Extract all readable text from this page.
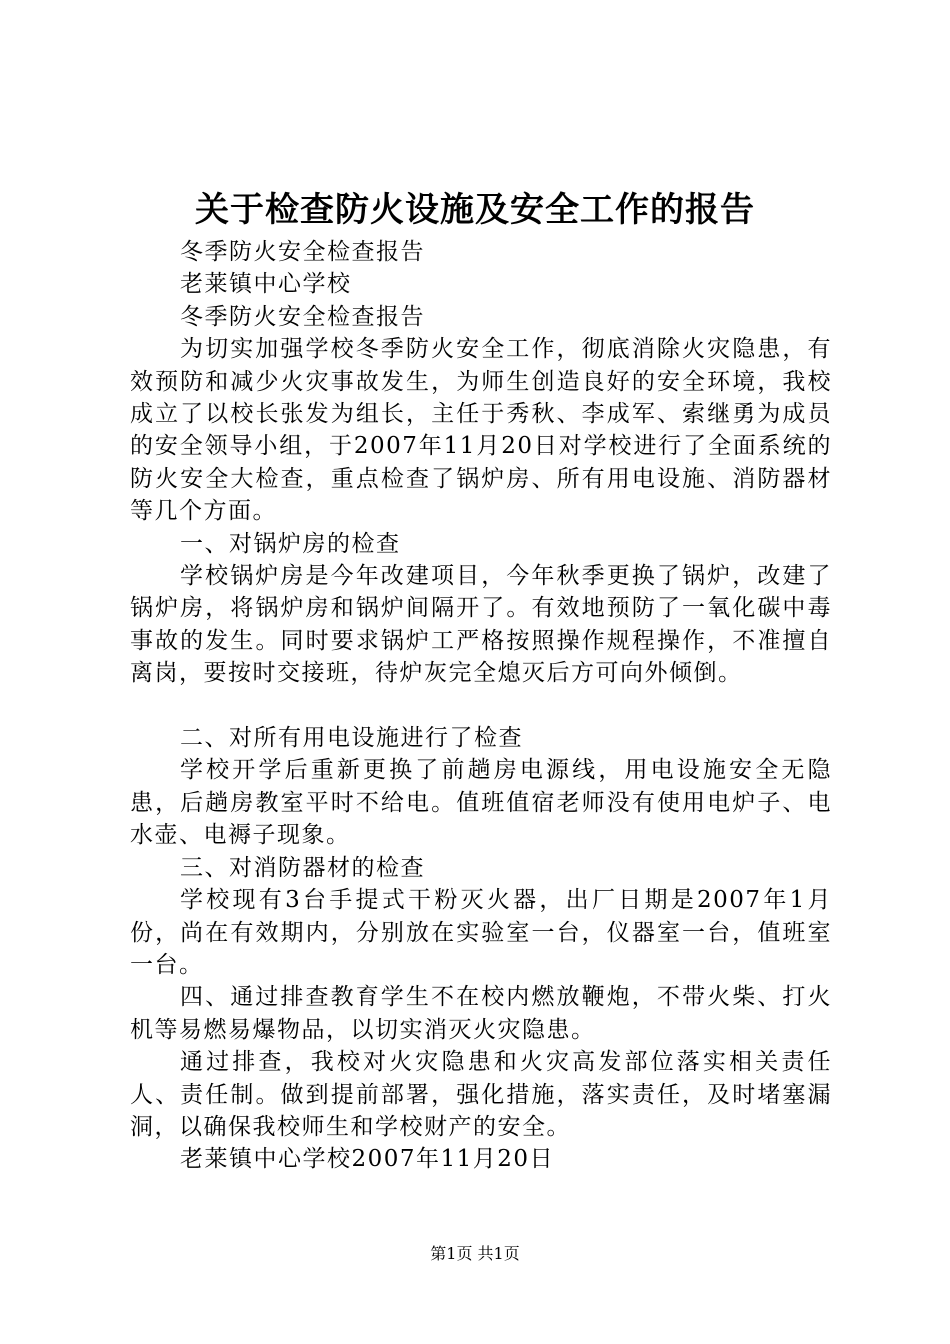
关于检查防火设施及安全工作的报告

冬季防火安全检查报告

老莱镇中心学校

冬季防火安全检查报告

为切实加强学校冬季防火安全工作，彻底消除火灾隐患，有效预防和减少火灾事故发生，为师生创造良好的安全环境，我校成立了以校长张发为组长，主任于秀秋、李成军、索继勇为成员的安全领导小组，于2007年11月20日对学校进行了全面系统的防火安全大检查，重点检查了锅炉房、所有用电设施、消防器材等几个方面。

一、对锅炉房的检查

学校锅炉房是今年改建项目，今年秋季更换了锅炉，改建了锅炉房，将锅炉房和锅炉间隔开了。有效地预防了一氧化碳中毒事故的发生。同时要求锅炉工严格按照操作规程操作，不准擅自离岗，要按时交接班，待炉灰完全熄灭后方可向外倾倒。

二、对所有用电设施进行了检查

学校开学后重新更换了前趟房电源线，用电设施安全无隐患，后趟房教室平时不给电。值班值宿老师没有使用电炉子、电水壶、电褥子现象。

三、对消防器材的检查

学校现有3台手提式干粉灭火器，出厂日期是2007年1月份，尚在有效期内，分别放在实验室一台，仪器室一台，值班室一台。

四、通过排查教育学生不在校内燃放鞭炮，不带火柴、打火机等易燃易爆物品，以切实消灭火灾隐患。

通过排查，我校对火灾隐患和火灾高发部位落实相关责任人、责任制。做到提前部署，强化措施，落实责任，及时堵塞漏洞，以确保我校师生和学校财产的安全。

老莱镇中心学校2007年11月20日

第1页 共1页
